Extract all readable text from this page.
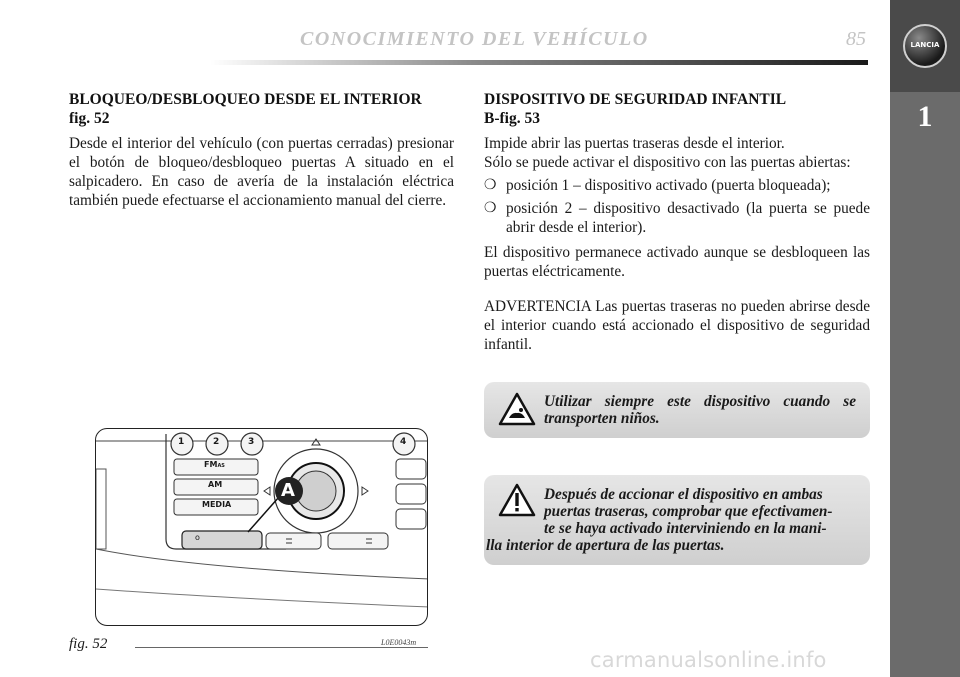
CONOCIMIENTO DEL VEHÍCULO	85	LANCIA
1
BLOQUEO/DESBLOQUEO DESDE EL INTERIOR
fig. 52

Desde el interior del vehículo (con puertas cerradas) presionar el botón de bloqueo/desbloqueo puertas A situado en el salpicadero. En caso de avería de la instalación eléctrica también puede efectuarse el accionamiento manual del cierre.

DISPOSITIVO DE SEGURIDAD INFANTIL
B-fig. 53

Impide abrir las puertas traseras desde el interior.
Sólo se puede activar el dispositivo con las puertas abiertas:

❍ posición 1 – dispositivo activado (puerta bloqueada);
❍ posición 2 – dispositivo desactivado (la puerta se puede abrir desde el interior).

El dispositivo permanece activado aunque se desbloqueen las puertas eléctricamente.

ADVERTENCIA Las puertas traseras no pueden abrirse desde el interior cuando está accionado el dispositivo de seguridad infantil.

Utilizar siempre este dispositivo cuando se transporten niños.
Después de accionar el dispositivo en ambas
puertas traseras, comprobar que efectivamen-
te se haya activado interviniendo en la mani-
lla interior de apertura de las puertas.
1	2	3	4
FMAS
AM
MEDIA
o
A
fig. 52	L0E0043m
carmanualsonline.info
